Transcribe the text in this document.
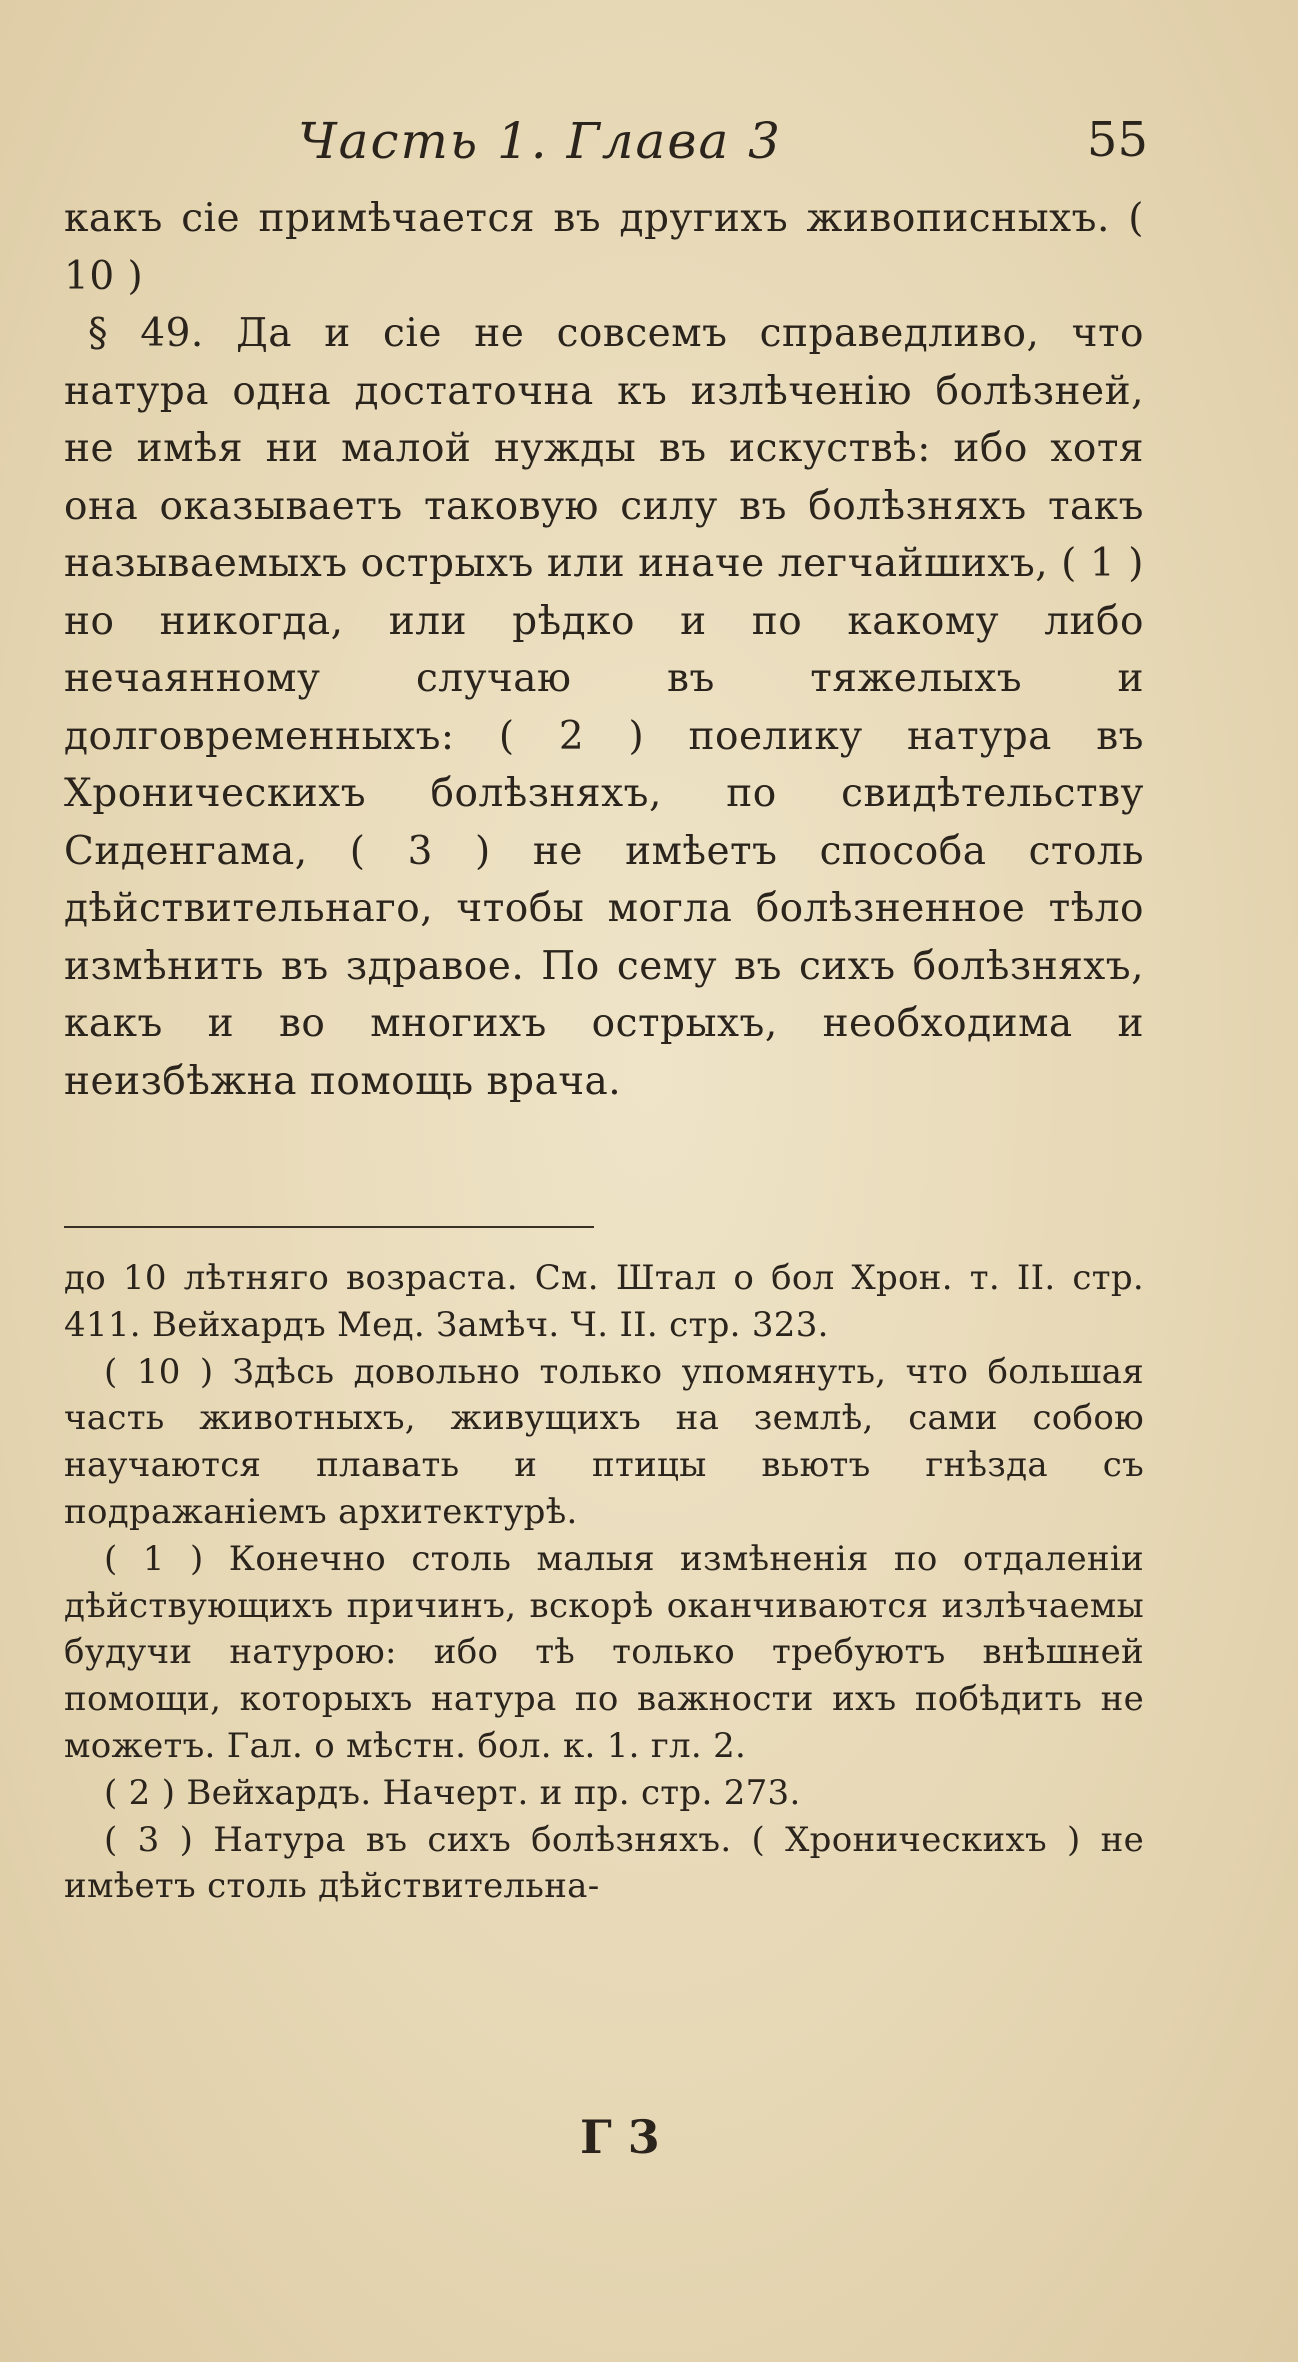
Часть 1. Глава 3	55

какъ сіе примѣчается въ другихъ живописныхъ. ( 10 )

§ 49. Да и сіе не совсемъ справедливо, что натура одна достаточна къ излѣченію болѣзней, не имѣя ни малой нужды въ искуствѣ: ибо хотя она оказываетъ таковую силу въ болѣзняхъ такъ называемыхъ острыхъ или иначе легчайшихъ, ( 1 ) но никогда, или рѣдко и по какому либо нечаянному случаю въ тяжелыхъ и долговременныхъ: ( 2 ) поелику натура въ Хроническихъ болѣзняхъ, по свидѣтельству Сиденгама, ( 3 ) не имѣетъ способа столь дѣйствительнаго, чтобы могла болѣзненное тѣло измѣнить въ здравое. По сему въ сихъ болѣзняхъ, какъ и во многихъ острыхъ, необходима и неизбѣжна помощь врача.

до 10 лѣтняго возраста. См. Штал о бол Хрон. т. II. стр. 411. Вейхардъ Мед. Замѣч. Ч. II. стр. 323.

( 10 ) Здѣсь довольно только упомянуть, что большая часть животныхъ, живущихъ на землѣ, сами собою научаются плавать и птицы вьютъ гнѣзда съ подражаніемъ архитектурѣ.

( 1 ) Конечно столь малыя измѣненія по отдаленіи дѣйствующихъ причинъ, вскорѣ оканчиваются излѣчаемы будучи натурою: ибо тѣ только требуютъ внѣшней помощи, которыхъ натура по важности ихъ побѣдить не можетъ. Гал. о мѣстн. бол. к. 1. гл. 2.

( 2 ) Вейхардъ. Начерт. и пр. стр. 273.

( 3 ) Натура въ сихъ болѣзняхъ. ( Хроническихъ ) не имѣетъ столь дѣйствительна-

Г 3
